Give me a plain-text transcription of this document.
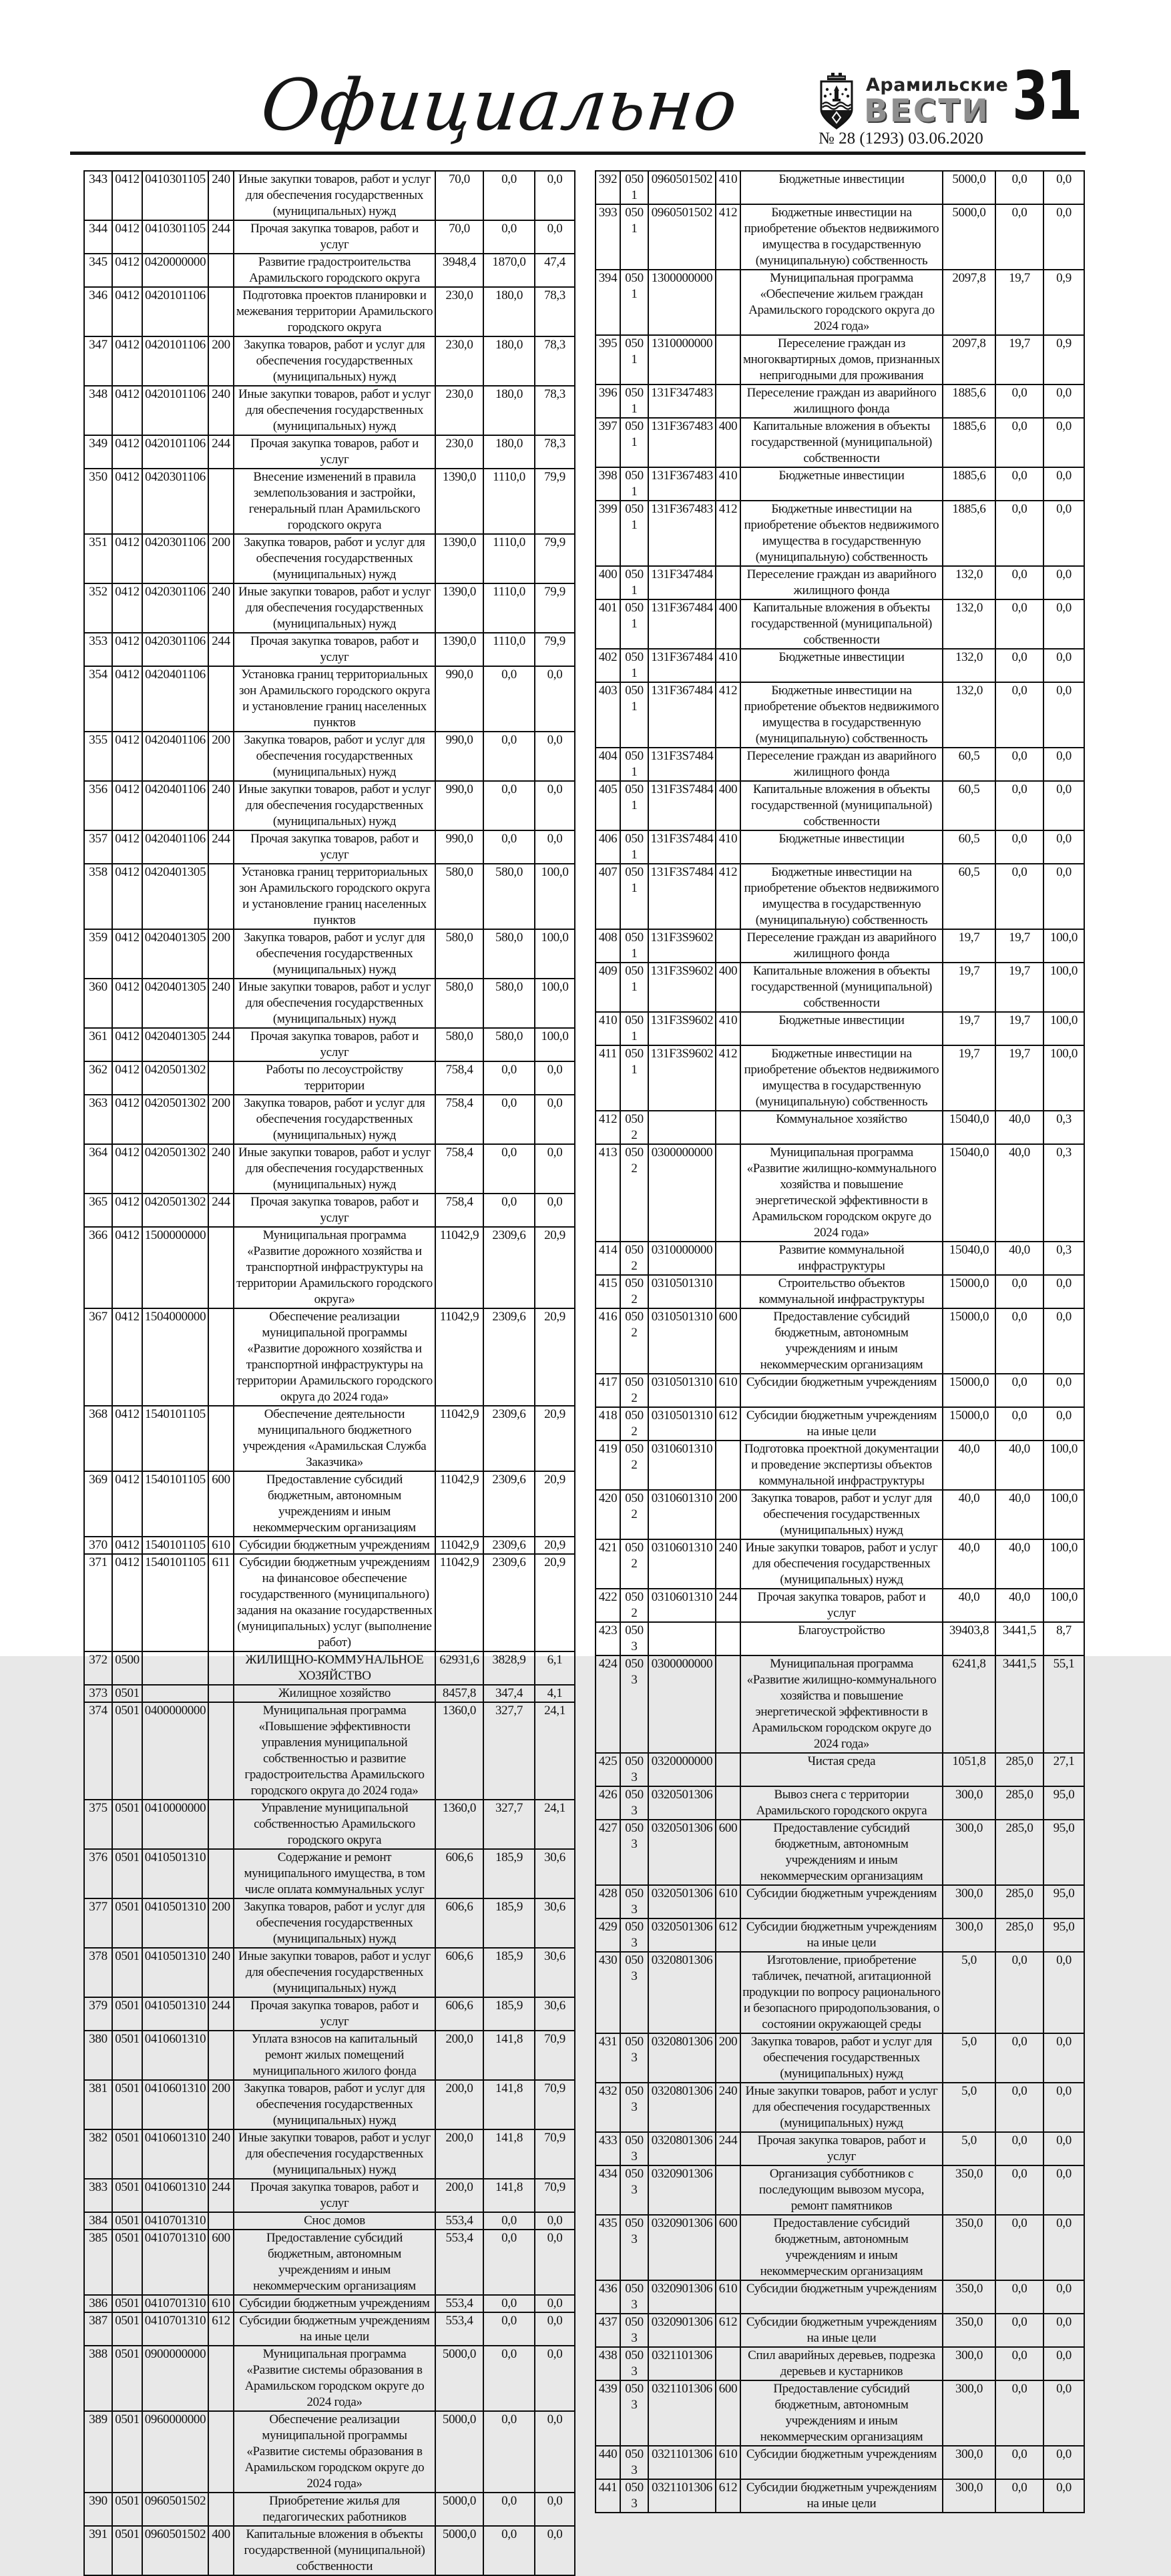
Официально	Арамильские
ВЕСТИ
№ 28 (1293) 03.06.2020
31
343	0412	0410301105	240	Иные закупки товаров, работ и услуг для обеспечения государственных (муниципальных) нужд	70,0	0,0	0,0
344	0412	0410301105	244	Прочая закупка товаров, работ и услуг	70,0	0,0	0,0
345	0412	0420000000		Развитие градостроительства Арамильского городского округа	3948,4	1870,0	47,4
346	0412	0420101106		Подготовка проектов планировки и межевания территории Арамильского городского округа	230,0	180,0	78,3
347	0412	0420101106	200	Закупка товаров, работ и услуг для обеспечения государственных (муниципальных) нужд	230,0	180,0	78,3
348	0412	0420101106	240	Иные закупки товаров, работ и услуг для обеспечения государственных (муниципальных) нужд	230,0	180,0	78,3
349	0412	0420101106	244	Прочая закупка товаров, работ и услуг	230,0	180,0	78,3
350	0412	0420301106		Внесение изменений в правила землепользования и застройки, генеральный план Арамильского городского округа	1390,0	1110,0	79,9
351	0412	0420301106	200	Закупка товаров, работ и услуг для обеспечения государственных (муниципальных) нужд	1390,0	1110,0	79,9
352	0412	0420301106	240	Иные закупки товаров, работ и услуг для обеспечения государственных (муниципальных) нужд	1390,0	1110,0	79,9
353	0412	0420301106	244	Прочая закупка товаров, работ и услуг	1390,0	1110,0	79,9
354	0412	0420401106		Установка границ территориальных зон Арамильского городского округа и установление границ населенных пунктов	990,0	0,0	0,0
355	0412	0420401106	200	Закупка товаров, работ и услуг для обеспечения государственных (муниципальных) нужд	990,0	0,0	0,0
356	0412	0420401106	240	Иные закупки товаров, работ и услуг для обеспечения государственных (муниципальных) нужд	990,0	0,0	0,0
357	0412	0420401106	244	Прочая закупка товаров, работ и услуг	990,0	0,0	0,0
358	0412	0420401305		Установка границ территориальных зон Арамильского городского округа и установление границ населенных пунктов	580,0	580,0	100,0
359	0412	0420401305	200	Закупка товаров, работ и услуг для обеспечения государственных (муниципальных) нужд	580,0	580,0	100,0
360	0412	0420401305	240	Иные закупки товаров, работ и услуг для обеспечения государственных (муниципальных) нужд	580,0	580,0	100,0
361	0412	0420401305	244	Прочая закупка товаров, работ и услуг	580,0	580,0	100,0
362	0412	0420501302		Работы по лесоустройству территории	758,4	0,0	0,0
363	0412	0420501302	200	Закупка товаров, работ и услуг для обеспечения государственных (муниципальных) нужд	758,4	0,0	0,0
364	0412	0420501302	240	Иные закупки товаров, работ и услуг для обеспечения государственных (муниципальных) нужд	758,4	0,0	0,0
365	0412	0420501302	244	Прочая закупка товаров, работ и услуг	758,4	0,0	0,0
366	0412	1500000000		Муниципальная программа «Развитие дорожного хозяйства и транспортной инфраструктуры на территории Арамильского городского округа»	11042,9	2309,6	20,9
367	0412	1504000000		Обеспечение реализации муниципальной программы «Развитие дорожного хозяйства и транспортной инфраструктуры на территории Арамильского городского округа до 2024 года»	11042,9	2309,6	20,9
368	0412	1540101105		Обеспечение деятельности муниципального бюджетного учреждения «Арамильская Служба Заказчика»	11042,9	2309,6	20,9
369	0412	1540101105	600	Предоставление субсидий бюджетным, автономным учреждениям и иным некоммерческим организациям	11042,9	2309,6	20,9
370	0412	1540101105	610	Субсидии бюджетным учреждениям	11042,9	2309,6	20,9
371	0412	1540101105	611	Субсидии бюджетным учреждениям на финансовое обеспечение государственного (муниципального) задания на оказание государственных (муниципальных) услуг (выполнение работ)	11042,9	2309,6	20,9
372	0500			ЖИЛИЩНО-КОММУНАЛЬНОЕ ХОЗЯЙСТВО	62931,6	3828,9	6,1
373	0501			Жилищное хозяйство	8457,8	347,4	4,1
374	0501	0400000000		Муниципальная программа «Повышение эффективности управления муниципальной собственностью и развитие градостроительства Арамильского городского округа до 2024 года»	1360,0	327,7	24,1
375	0501	0410000000		Управление муниципальной собственностью Арамильского городского округа	1360,0	327,7	24,1
376	0501	0410501310		Содержание и ремонт муниципального имущества, в том числе оплата коммунальных услуг	606,6	185,9	30,6
377	0501	0410501310	200	Закупка товаров, работ и услуг для обеспечения государственных (муниципальных) нужд	606,6	185,9	30,6
378	0501	0410501310	240	Иные закупки товаров, работ и услуг для обеспечения государственных (муниципальных) нужд	606,6	185,9	30,6
379	0501	0410501310	244	Прочая закупка товаров, работ и услуг	606,6	185,9	30,6
380	0501	0410601310		Уплата взносов на капитальный ремонт жилых помещений муниципального жилого фонда	200,0	141,8	70,9
381	0501	0410601310	200	Закупка товаров, работ и услуг для обеспечения государственных (муниципальных) нужд	200,0	141,8	70,9
382	0501	0410601310	240	Иные закупки товаров, работ и услуг для обеспечения государственных (муниципальных) нужд	200,0	141,8	70,9
383	0501	0410601310	244	Прочая закупка товаров, работ и услуг	200,0	141,8	70,9
384	0501	0410701310		Снос домов	553,4	0,0	0,0
385	0501	0410701310	600	Предоставление субсидий бюджетным, автономным учреждениям и иным некоммерческим организациям	553,4	0,0	0,0
386	0501	0410701310	610	Субсидии бюджетным учреждениям	553,4	0,0	0,0
387	0501	0410701310	612	Субсидии бюджетным учреждениям на иные цели	553,4	0,0	0,0
388	0501	0900000000		Муниципальная программа «Развитие системы образования в Арамильском городском округе до 2024 года»	5000,0	0,0	0,0
389	0501	0960000000		Обеспечение реализации муниципальной программы «Развитие системы образования в Арамильском городском округе до 2024 года»	5000,0	0,0	0,0
390	0501	0960501502		Приобретение жилья для педагогических работников	5000,0	0,0	0,0
391	0501	0960501502	400	Капитальные вложения в объекты государственной (муниципальной) собственности	5000,0	0,0	0,0
392	0501	0960501502	410	Бюджетные инвестиции	5000,0	0,0	0,0
393	0501	0960501502	412	Бюджетные инвестиции на приобретение объектов недвижимого имущества в государственную (муниципальную) собственность	5000,0	0,0	0,0
394	0501	1300000000		Муниципальная программа «Обеспечение жильем граждан Арамильского городского округа до 2024 года»	2097,8	19,7	0,9
395	0501	1310000000		Переселение граждан из многоквартирных домов, признанных непригодными для проживания	2097,8	19,7	0,9
396	0501	131F347483		Переселение граждан из аварийного жилищного фонда	1885,6	0,0	0,0
397	0501	131F367483	400	Капитальные вложения в объекты государственной (муниципальной) собственности	1885,6	0,0	0,0
398	0501	131F367483	410	Бюджетные инвестиции	1885,6	0,0	0,0
399	0501	131F367483	412	Бюджетные инвестиции на приобретение объектов недвижимого имущества в государственную (муниципальную) собственность	1885,6	0,0	0,0
400	0501	131F347484		Переселение граждан из аварийного жилищного фонда	132,0	0,0	0,0
401	0501	131F367484	400	Капитальные вложения в объекты государственной (муниципальной) собственности	132,0	0,0	0,0
402	0501	131F367484	410	Бюджетные инвестиции	132,0	0,0	0,0
403	0501	131F367484	412	Бюджетные инвестиции на приобретение объектов недвижимого имущества в государственную (муниципальную) собственность	132,0	0,0	0,0
404	0501	131F3S7484		Переселение граждан из аварийного жилищного фонда	60,5	0,0	0,0
405	0501	131F3S7484	400	Капитальные вложения в объекты государственной (муниципальной) собственности	60,5	0,0	0,0
406	0501	131F3S7484	410	Бюджетные инвестиции	60,5	0,0	0,0
407	0501	131F3S7484	412	Бюджетные инвестиции на приобретение объектов недвижимого имущества в государственную (муниципальную) собственность	60,5	0,0	0,0
408	0501	131F3S9602		Переселение граждан из аварийного жилищного фонда	19,7	19,7	100,0
409	0501	131F3S9602	400	Капитальные вложения в объекты государственной (муниципальной) собственности	19,7	19,7	100,0
410	0501	131F3S9602	410	Бюджетные инвестиции	19,7	19,7	100,0
411	0501	131F3S9602	412	Бюджетные инвестиции на приобретение объектов недвижимого имущества в государственную (муниципальную) собственность	19,7	19,7	100,0
412	0502			Коммунальное хозяйство	15040,0	40,0	0,3
413	0502	0300000000		Муниципальная программа «Развитие жилищно-коммунального хозяйства и повышение энергетической эффективности в Арамильском городском округе до 2024 года»	15040,0	40,0	0,3
414	0502	0310000000		Развитие коммунальной инфраструктуры	15040,0	40,0	0,3
415	0502	0310501310		Строительство объектов коммунальной инфраструктуры	15000,0	0,0	0,0
416	0502	0310501310	600	Предоставление субсидий бюджетным, автономным учреждениям и иным некоммерческим организациям	15000,0	0,0	0,0
417	0502	0310501310	610	Субсидии бюджетным учреждениям	15000,0	0,0	0,0
418	0502	0310501310	612	Субсидии бюджетным учреждениям на иные цели	15000,0	0,0	0,0
419	0502	0310601310		Подготовка проектной документации и проведение экспертизы объектов коммунальной инфраструктуры	40,0	40,0	100,0
420	0502	0310601310	200	Закупка товаров, работ и услуг для обеспечения государственных (муниципальных) нужд	40,0	40,0	100,0
421	0502	0310601310	240	Иные закупки товаров, работ и услуг для обеспечения государственных (муниципальных) нужд	40,0	40,0	100,0
422	0502	0310601310	244	Прочая закупка товаров, работ и услуг	40,0	40,0	100,0
423	0503			Благоустройство	39403,8	3441,5	8,7
424	0503	0300000000		Муниципальная программа «Развитие жилищно-коммунального хозяйства и повышение энергетической эффективности в Арамильском городском округе до 2024 года»	6241,8	3441,5	55,1
425	0503	0320000000		Чистая среда	1051,8	285,0	27,1
426	0503	0320501306		Вывоз снега с территории Арамильского городского округа	300,0	285,0	95,0
427	0503	0320501306	600	Предоставление субсидий бюджетным, автономным учреждениям и иным некоммерческим организациям	300,0	285,0	95,0
428	0503	0320501306	610	Субсидии бюджетным учреждениям	300,0	285,0	95,0
429	0503	0320501306	612	Субсидии бюджетным учреждениям на иные цели	300,0	285,0	95,0
430	0503	0320801306		Изготовление, приобретение табличек, печатной, агитационной продукции по вопросу рационального и безопасного природопользования, о состоянии окружающей среды	5,0	0,0	0,0
431	0503	0320801306	200	Закупка товаров, работ и услуг для обеспечения государственных (муниципальных) нужд	5,0	0,0	0,0
432	0503	0320801306	240	Иные закупки товаров, работ и услуг для обеспечения государственных (муниципальных) нужд	5,0	0,0	0,0
433	0503	0320801306	244	Прочая закупка товаров, работ и услуг	5,0	0,0	0,0
434	0503	0320901306		Организация субботников с последующим вывозом мусора, ремонт памятников	350,0	0,0	0,0
435	0503	0320901306	600	Предоставление субсидий бюджетным, автономным учреждениям и иным некоммерческим организациям	350,0	0,0	0,0
436	0503	0320901306	610	Субсидии бюджетным учреждениям	350,0	0,0	0,0
437	0503	0320901306	612	Субсидии бюджетным учреждениям на иные цели	350,0	0,0	0,0
438	0503	0321101306		Спил аварийных деревьев, подрезка деревьев и кустарников	300,0	0,0	0,0
439	0503	0321101306	600	Предоставление субсидий бюджетным, автономным учреждениям и иным некоммерческим организациям	300,0	0,0	0,0
440	0503	0321101306	610	Субсидии бюджетным учреждениям	300,0	0,0	0,0
441	0503	0321101306	612	Субсидии бюджетным учреждениям на иные цели	300,0	0,0	0,0
